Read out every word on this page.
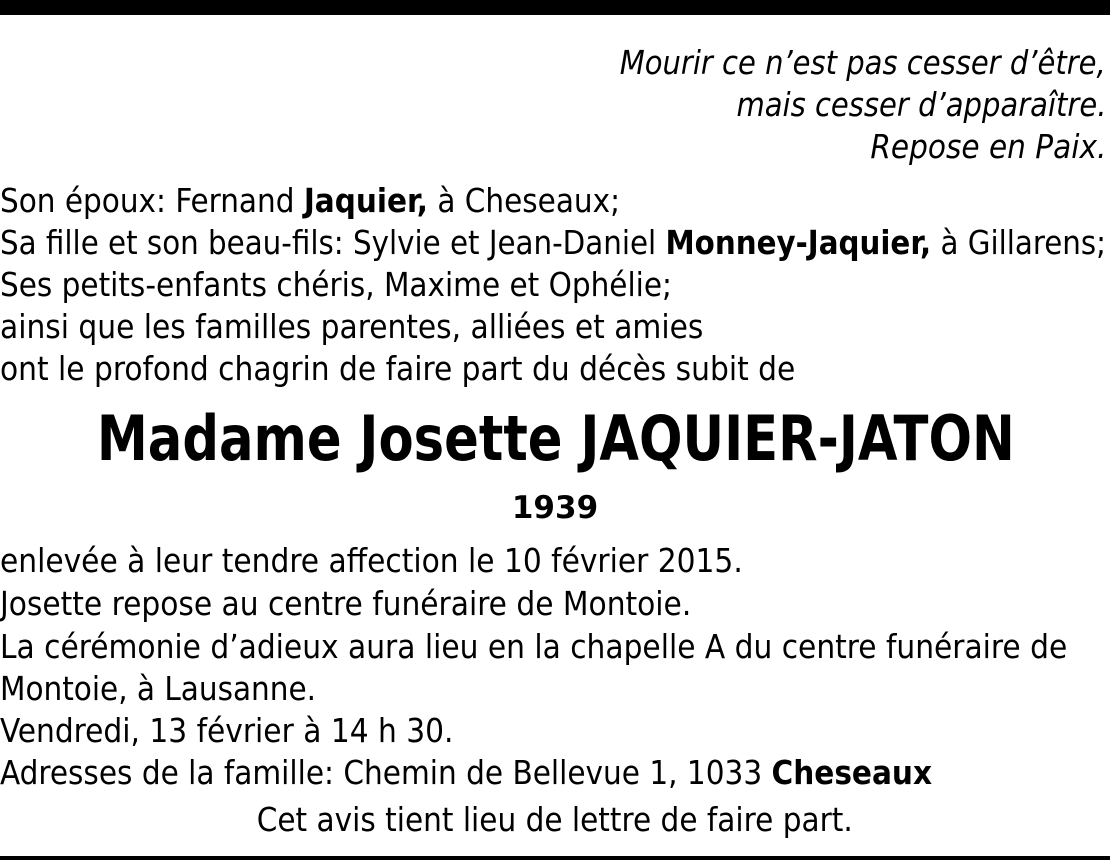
Mourir ce n’est pas cesser d’être,
mais cesser d’apparaître.
Repose en Paix.
Son époux: Fernand Jaquier, à Cheseaux;
Sa fille et son beau-fils: Sylvie et Jean-Daniel Monney-Jaquier, à Gillarens;
Ses petits-enfants chéris, Maxime et Ophélie;
ainsi que les familles parentes, alliées et amies
ont le profond chagrin de faire part du décès subit de
Madame Josette JAQUIER-JATON
1939
enlevée à leur tendre affection le 10 février 2015.
Josette repose au centre funéraire de Montoie.
La cérémonie d’adieux aura lieu en la chapelle A du centre funéraire de
Montoie, à Lausanne.
Vendredi, 13 février à 14 h 30.
Adresses de la famille: Chemin de Bellevue 1, 1033 Cheseaux
Cet avis tient lieu de lettre de faire part.
